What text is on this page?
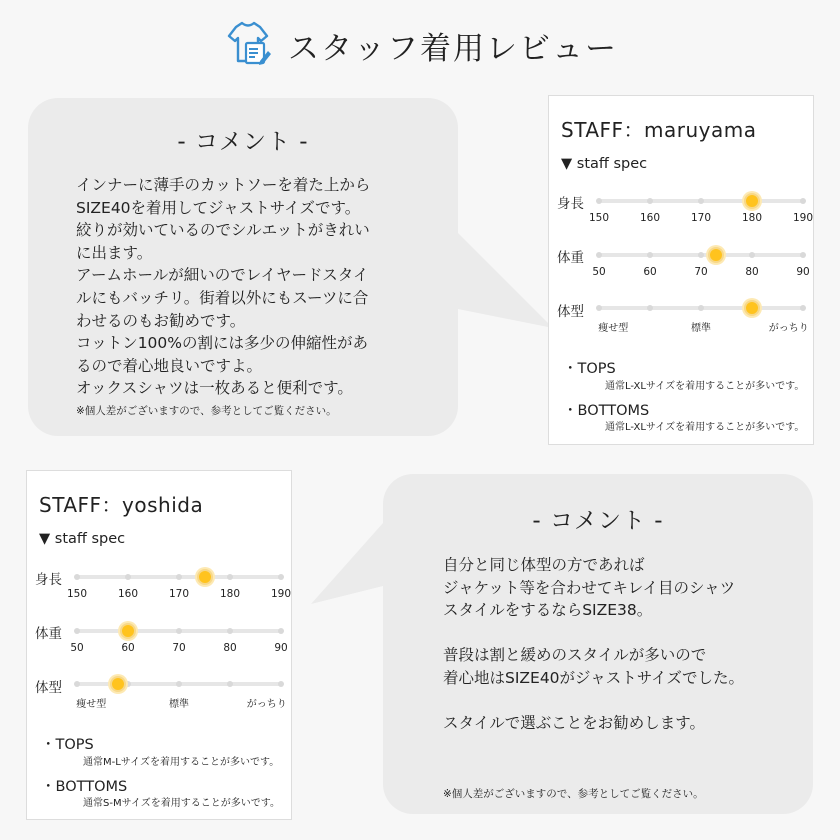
スタッフ着用レビュー
- コメント -
インナーに薄手のカットソーを着た上から
SIZE40を着用してジャストサイズです。
絞りが効いているのでシルエットがきれい
に出ます。
アームホールが細いのでレイヤードスタイ
ルにもバッチリ。街着以外にもスーツに合
わせるのもお勧めです。
コットン100%の割には多少の伸縮性があ
るので着心地良いですよ。
オックスシャツは一枚あると便利です。
※個人差がございますので、参考としてご覧ください。
STAFF：maruyama
▼ staff spec
身長
150	160	170	180	190
体重
50	60	70	80	90
体型
痩せ型	標準	がっちり
・TOPS
通常L-XLサイズを着用することが多いです。
・BOTTOMS
通常L-XLサイズを着用することが多いです。
STAFF：yoshida
▼ staff spec
身長
150	160	170	180	190
体重
50	60	70	80	90
体型
痩せ型	標準	がっちり
・TOPS
通常M-Lサイズを着用することが多いです。
・BOTTOMS
通常S-Mサイズを着用することが多いです。
- コメント -
自分と同じ体型の方であれば
ジャケット等を合わせてキレイ目のシャツ
スタイルをするならSIZE38。
普段は割と緩めのスタイルが多いので
着心地はSIZE40がジャストサイズでした。
スタイルで選ぶことをお勧めします。
※個人差がございますので、参考としてご覧ください。
